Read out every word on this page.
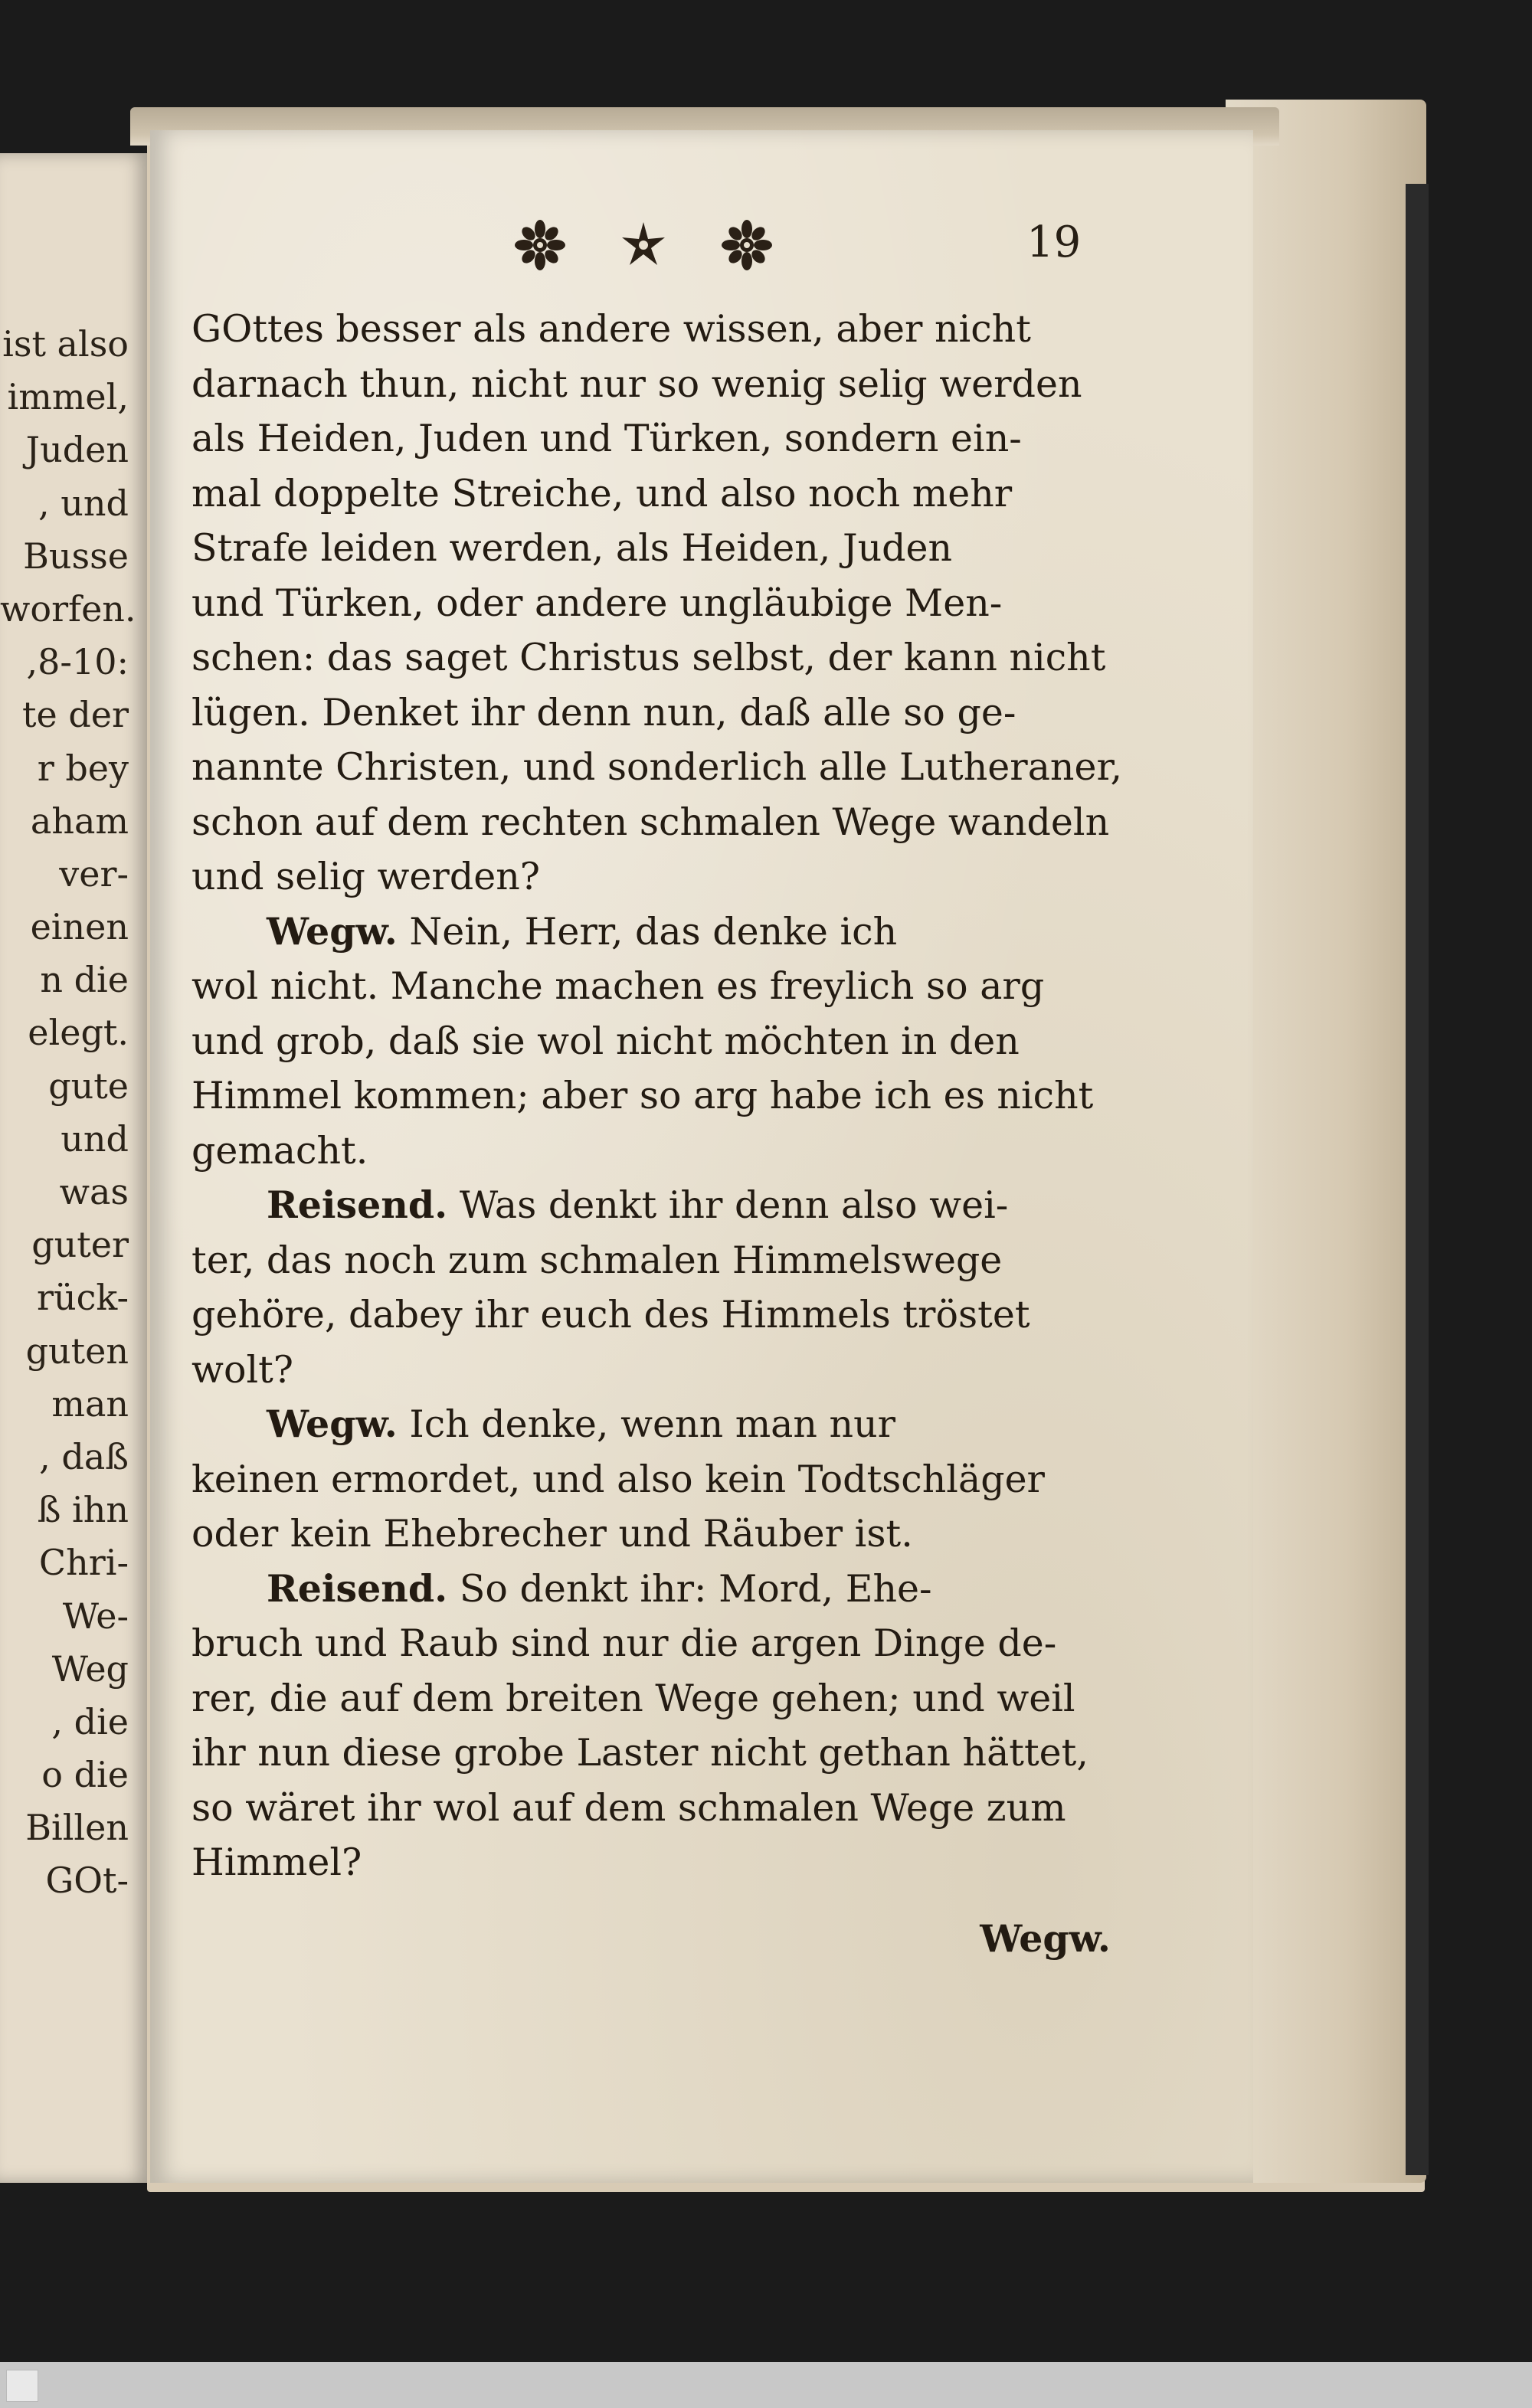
ist also
immel,
Juden
, und
Busse
worfen.
,8-10:
te der
r bey
aham
ver-
einen
n die
elegt.
gute
und
was
guter
rück-
guten
man
, daß
ß ihn
Chri-
We-
Weg
, die
o die
Billen
GOt-
19
GOttes besser als andere wissen, aber nicht
darnach thun, nicht nur so wenig selig werden
als Heiden, Juden und Türken, sondern ein-
mal doppelte Streiche, und also noch mehr
Strafe leiden werden, als Heiden, Juden
und Türken, oder andere ungläubige Men-
schen: das saget Christus selbst, der kann nicht
lügen. Denket ihr denn nun, daß alle so ge-
nannte Christen, und sonderlich alle Lutheraner,
schon auf dem rechten schmalen Wege wandeln
und selig werden?
  Wegw. Nein, Herr, das denke ich
wol nicht. Manche machen es freylich so arg
und grob, daß sie wol nicht möchten in den
Himmel kommen; aber so arg habe ich es nicht
gemacht.
  Reisend. Was denkt ihr denn also wei-
ter, das noch zum schmalen Himmelswege
gehöre, dabey ihr euch des Himmels tröstet
wolt?
  Wegw. Ich denke, wenn man nur
keinen ermordet, und also kein Todtschläger
oder kein Ehebrecher und Räuber ist.
  Reisend. So denkt ihr: Mord, Ehe-
bruch und Raub sind nur die argen Dinge de-
rer, die auf dem breiten Wege gehen; und weil
ihr nun diese grobe Laster nicht gethan hättet,
so wäret ihr wol auf dem schmalen Wege zum
Himmel?
Wegw.
